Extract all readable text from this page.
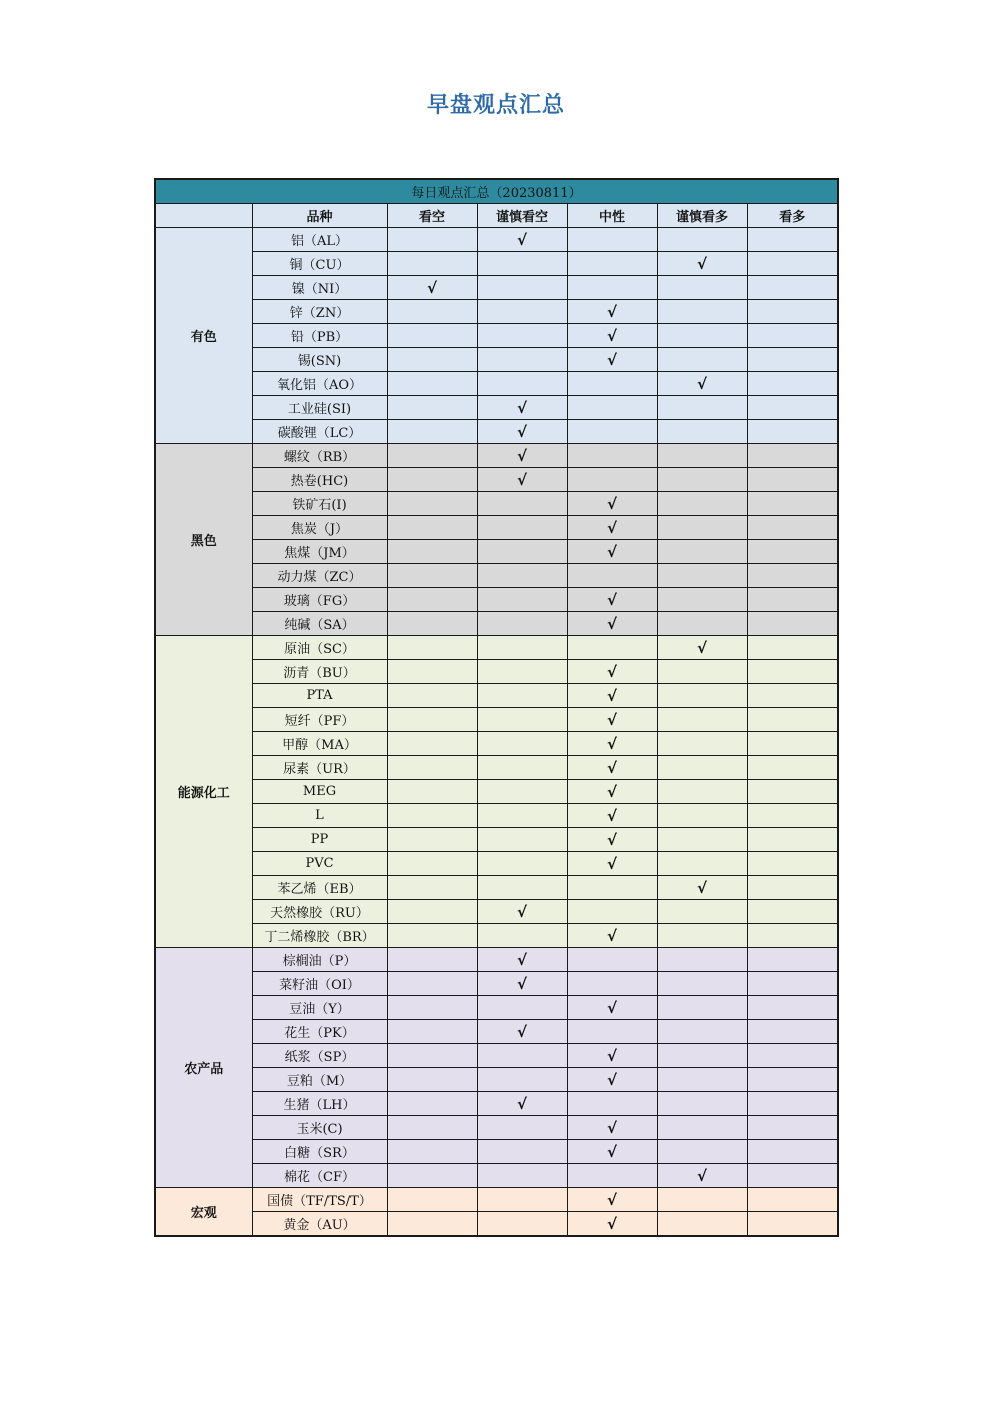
早盘观点汇总
每日观点汇总（20230811）						
	品种	看空	谨慎看空	中性	谨慎看多	看多
有色	铝（AL）		√			
	铜（CU）				√	
	镍（NI）	√				
	锌（ZN）			√		
	铅（PB）			√		
	锡(SN)			√		
	氧化铝（AO）				√	
	工业硅(SI)		√			
	碳酸锂（LC）		√			
黑色	螺纹（RB）		√			
	热卷(HC)		√			
	铁矿石(I)			√		
	焦炭（J）			√		
	焦煤（JM）			√		
	动力煤（ZC）					
	玻璃（FG）			√		
	纯碱（SA）			√		
能源化工	原油（SC）				√	
	沥青（BU）			√		
	PTA			√		
	短纤（PF）			√		
	甲醇（MA）			√		
	尿素（UR）			√		
	MEG			√		
	L			√		
	PP			√		
	PVC			√		
	苯乙烯（EB）				√	
	天然橡胶（RU）		√			
	丁二烯橡胶（BR）			√		
农产品	棕榈油（P）		√			
	菜籽油（OI）		√			
	豆油（Y）			√		
	花生（PK）		√			
	纸浆（SP）			√		
	豆粕（M）			√		
	生猪（LH）		√			
	玉米(C)			√		
	白糖（SR）			√		
	棉花（CF）				√	
宏观	国债（TF/TS/T）			√		
	黄金（AU）			√		
